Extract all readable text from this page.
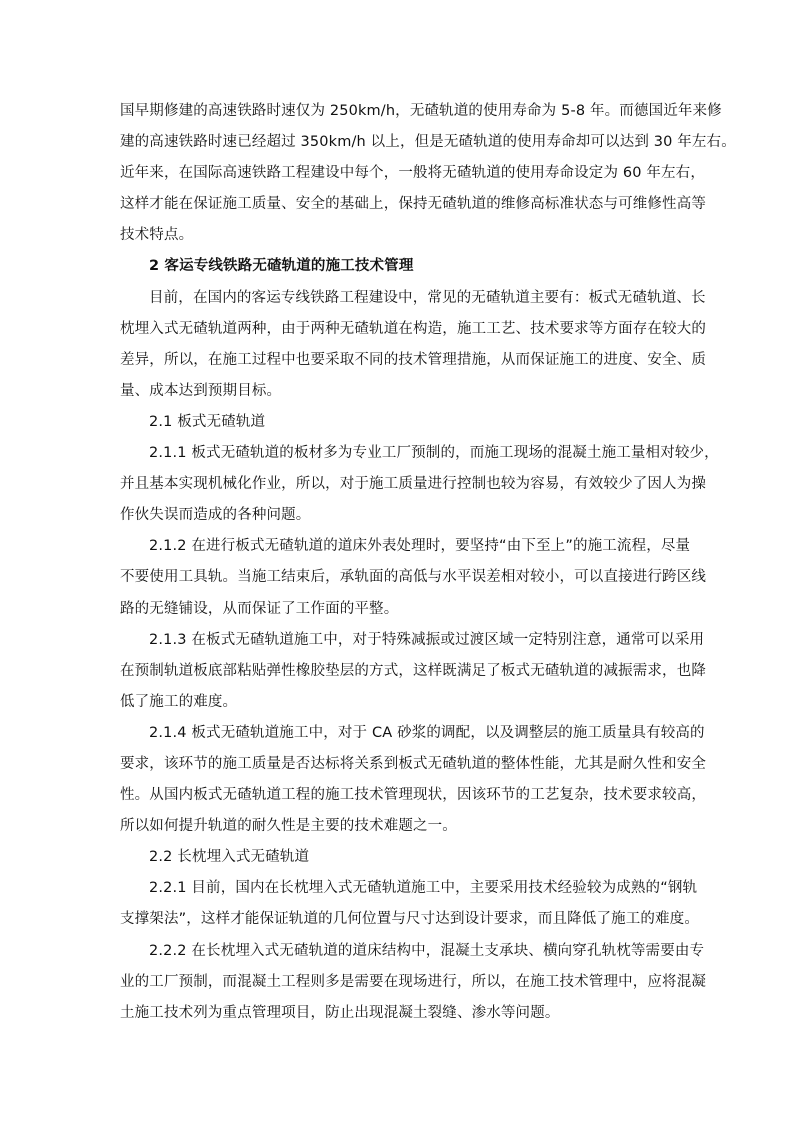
国早期修建的高速铁路时速仅为 250km/h，无碴轨道的使用寿命为 5-8 年。而德国近年来修
建的高速铁路时速已经超过 350km/h 以上，但是无碴轨道的使用寿命却可以达到 30 年左右。
近年来，在国际高速铁路工程建设中每个，一般将无碴轨道的使用寿命设定为 60 年左右，
这样才能在保证施工质量、安全的基础上，保持无碴轨道的维修高标准状态与可维修性高等
技术特点。
2 客运专线铁路无碴轨道的施工技术管理
目前，在国内的客运专线铁路工程建设中，常见的无碴轨道主要有：板式无碴轨道、长
枕埋入式无碴轨道两种，由于两种无碴轨道在构造，施工工艺、技术要求等方面存在较大的
差异，所以，在施工过程中也要采取不同的技术管理措施，从而保证施工的进度、安全、质
量、成本达到预期目标。
2.1 板式无碴轨道
2.1.1 板式无碴轨道的板材多为专业工厂预制的，而施工现场的混凝土施工量相对较少，
并且基本实现机械化作业，所以，对于施工质量进行控制也较为容易，有效较少了因人为操
作伙失误而造成的各种问题。
2.1.2 在进行板式无碴轨道的道床外表处理时，要坚持“由下至上”的施工流程，尽量
不要使用工具轨。当施工结束后，承轨面的高低与水平误差相对较小，可以直接进行跨区线
路的无缝铺设，从而保证了工作面的平整。
2.1.3 在板式无碴轨道施工中，对于特殊减振或过渡区域一定特别注意，通常可以采用
在预制轨道板底部粘贴弹性橡胶垫层的方式，这样既满足了板式无碴轨道的减振需求，也降
低了施工的难度。
2.1.4 板式无碴轨道施工中，对于 CA 砂浆的调配，以及调整层的施工质量具有较高的
要求，该环节的施工质量是否达标将关系到板式无碴轨道的整体性能，尤其是耐久性和安全
性。从国内板式无碴轨道工程的施工技术管理现状，因该环节的工艺复杂，技术要求较高，
所以如何提升轨道的耐久性是主要的技术难题之一。
2.2 长枕埋入式无碴轨道
2.2.1 目前，国内在长枕埋入式无碴轨道施工中，主要采用技术经验较为成熟的“钢轨
支撑架法”，这样才能保证轨道的几何位置与尺寸达到设计要求，而且降低了施工的难度。
2.2.2 在长枕埋入式无碴轨道的道床结构中，混凝土支承块、横向穿孔轨枕等需要由专
业的工厂预制，而混凝土工程则多是需要在现场进行，所以，在施工技术管理中，应将混凝
土施工技术列为重点管理项目，防止出现混凝土裂缝、渗水等问题。
